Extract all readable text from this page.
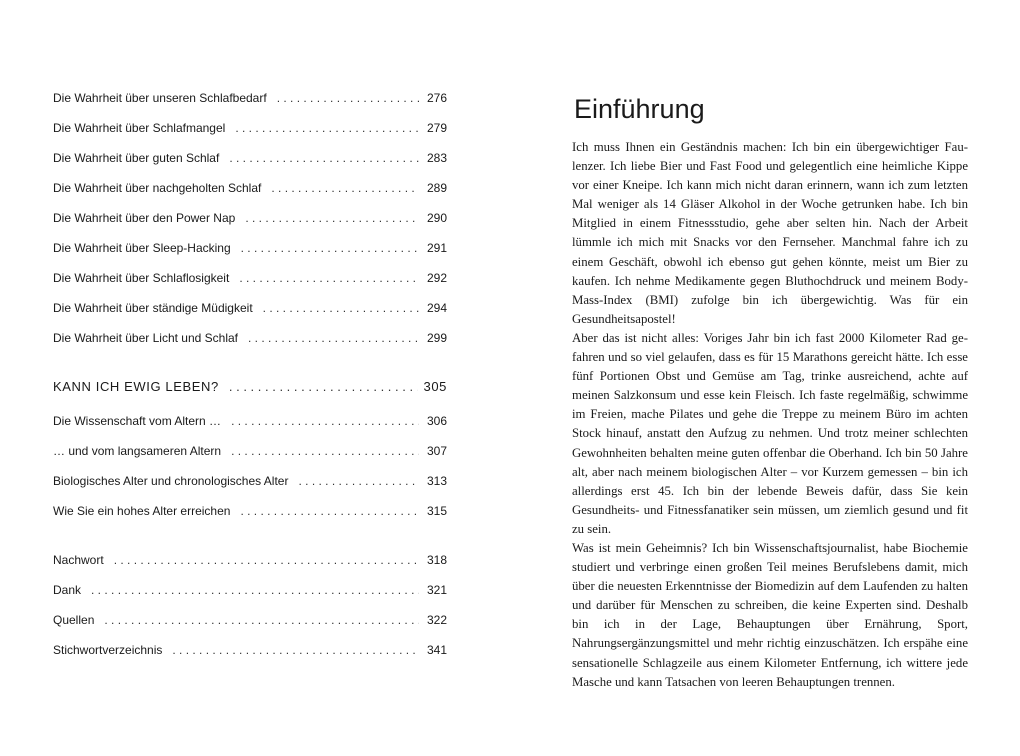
Die Wahrheit über unseren Schlafbedarf . . .	276
Die Wahrheit über Schlafmangel . . .	279
Die Wahrheit über guten Schlaf . . .	283
Die Wahrheit über nachgeholten Schlaf . . .	289
Die Wahrheit über den Power Nap . . .	290
Die Wahrheit über Sleep-Hacking . . .	291
Die Wahrheit über Schlaflosigkeit . . .	292
Die Wahrheit über ständige Müdigkeit . . .	294
Die Wahrheit über Licht und Schlaf . . .	299
KANN ICH EWIG LEBEN? . . .	305
Die Wissenschaft vom Altern … . . .	306
… und vom langsameren Altern . . .	307
Biologisches Alter und chronologisches Alter . . .	313
Wie Sie ein hohes Alter erreichen . . .	315
Nachwort . . .	318
Dank . . .	321
Quellen . . .	322
Stichwortverzeichnis . . .	341
Einführung

Ich muss Ihnen ein Geständnis machen: Ich bin ein übergewichtiger Faulenzer. Ich liebe Bier und Fast Food und gelegentlich eine heimliche Kippe vor einer Kneipe. Ich kann mich nicht daran erinnern, wann ich zum letzten Mal weniger als 14 Gläser Alkohol in der Woche getrunken habe. Ich bin Mitglied in einem Fitnessstudio, gehe aber selten hin. Nach der Arbeit lümmle ich mich mit Snacks vor den Fernseher. Manchmal fahre ich zu einem Geschäft, obwohl ich ebenso gut gehen könnte, meist um Bier zu kaufen. Ich nehme Medikamente gegen Bluthochdruck und meinem Body-Mass-Index (BMI) zufolge bin ich übergewichtig. Was für ein Gesundheitsapostel!

Aber das ist nicht alles: Voriges Jahr bin ich fast 2000 Kilometer Rad gefahren und so viel gelaufen, dass es für 15 Marathons gereicht hätte. Ich esse fünf Portionen Obst und Gemüse am Tag, trinke ausreichend, achte auf meinen Salzkonsum und esse kein Fleisch. Ich faste regelmäßig, schwimme im Freien, mache Pilates und gehe die Treppe zu meinem Büro im achten Stock hinauf, anstatt den Aufzug zu nehmen. Und trotz meiner schlechten Gewohnheiten behalten meine guten offenbar die Oberhand. Ich bin 50 Jahre alt, aber nach meinem biologischen Alter – vor Kurzem gemessen – bin ich allerdings erst 45. Ich bin der lebende Beweis dafür, dass Sie kein Gesundheits- und Fitnessfanatiker sein müssen, um ziemlich gesund und fit zu sein.

Was ist mein Geheimnis? Ich bin Wissenschaftsjournalist, habe Biochemie studiert und verbringe einen großen Teil meines Berufslebens damit, mich über die neuesten Erkenntnisse der Biomedizin auf dem Laufenden zu halten und darüber für Menschen zu schreiben, die keine Experten sind. Deshalb bin ich in der Lage, Behauptungen über Ernährung, Sport, Nahrungsergänzungsmittel und mehr richtig einzuschätzen. Ich erspähe eine sensationelle Schlagzeile aus einem Kilometer Entfernung, ich wittere jede Masche und kann Tatsachen von leeren Behauptungen trennen.
